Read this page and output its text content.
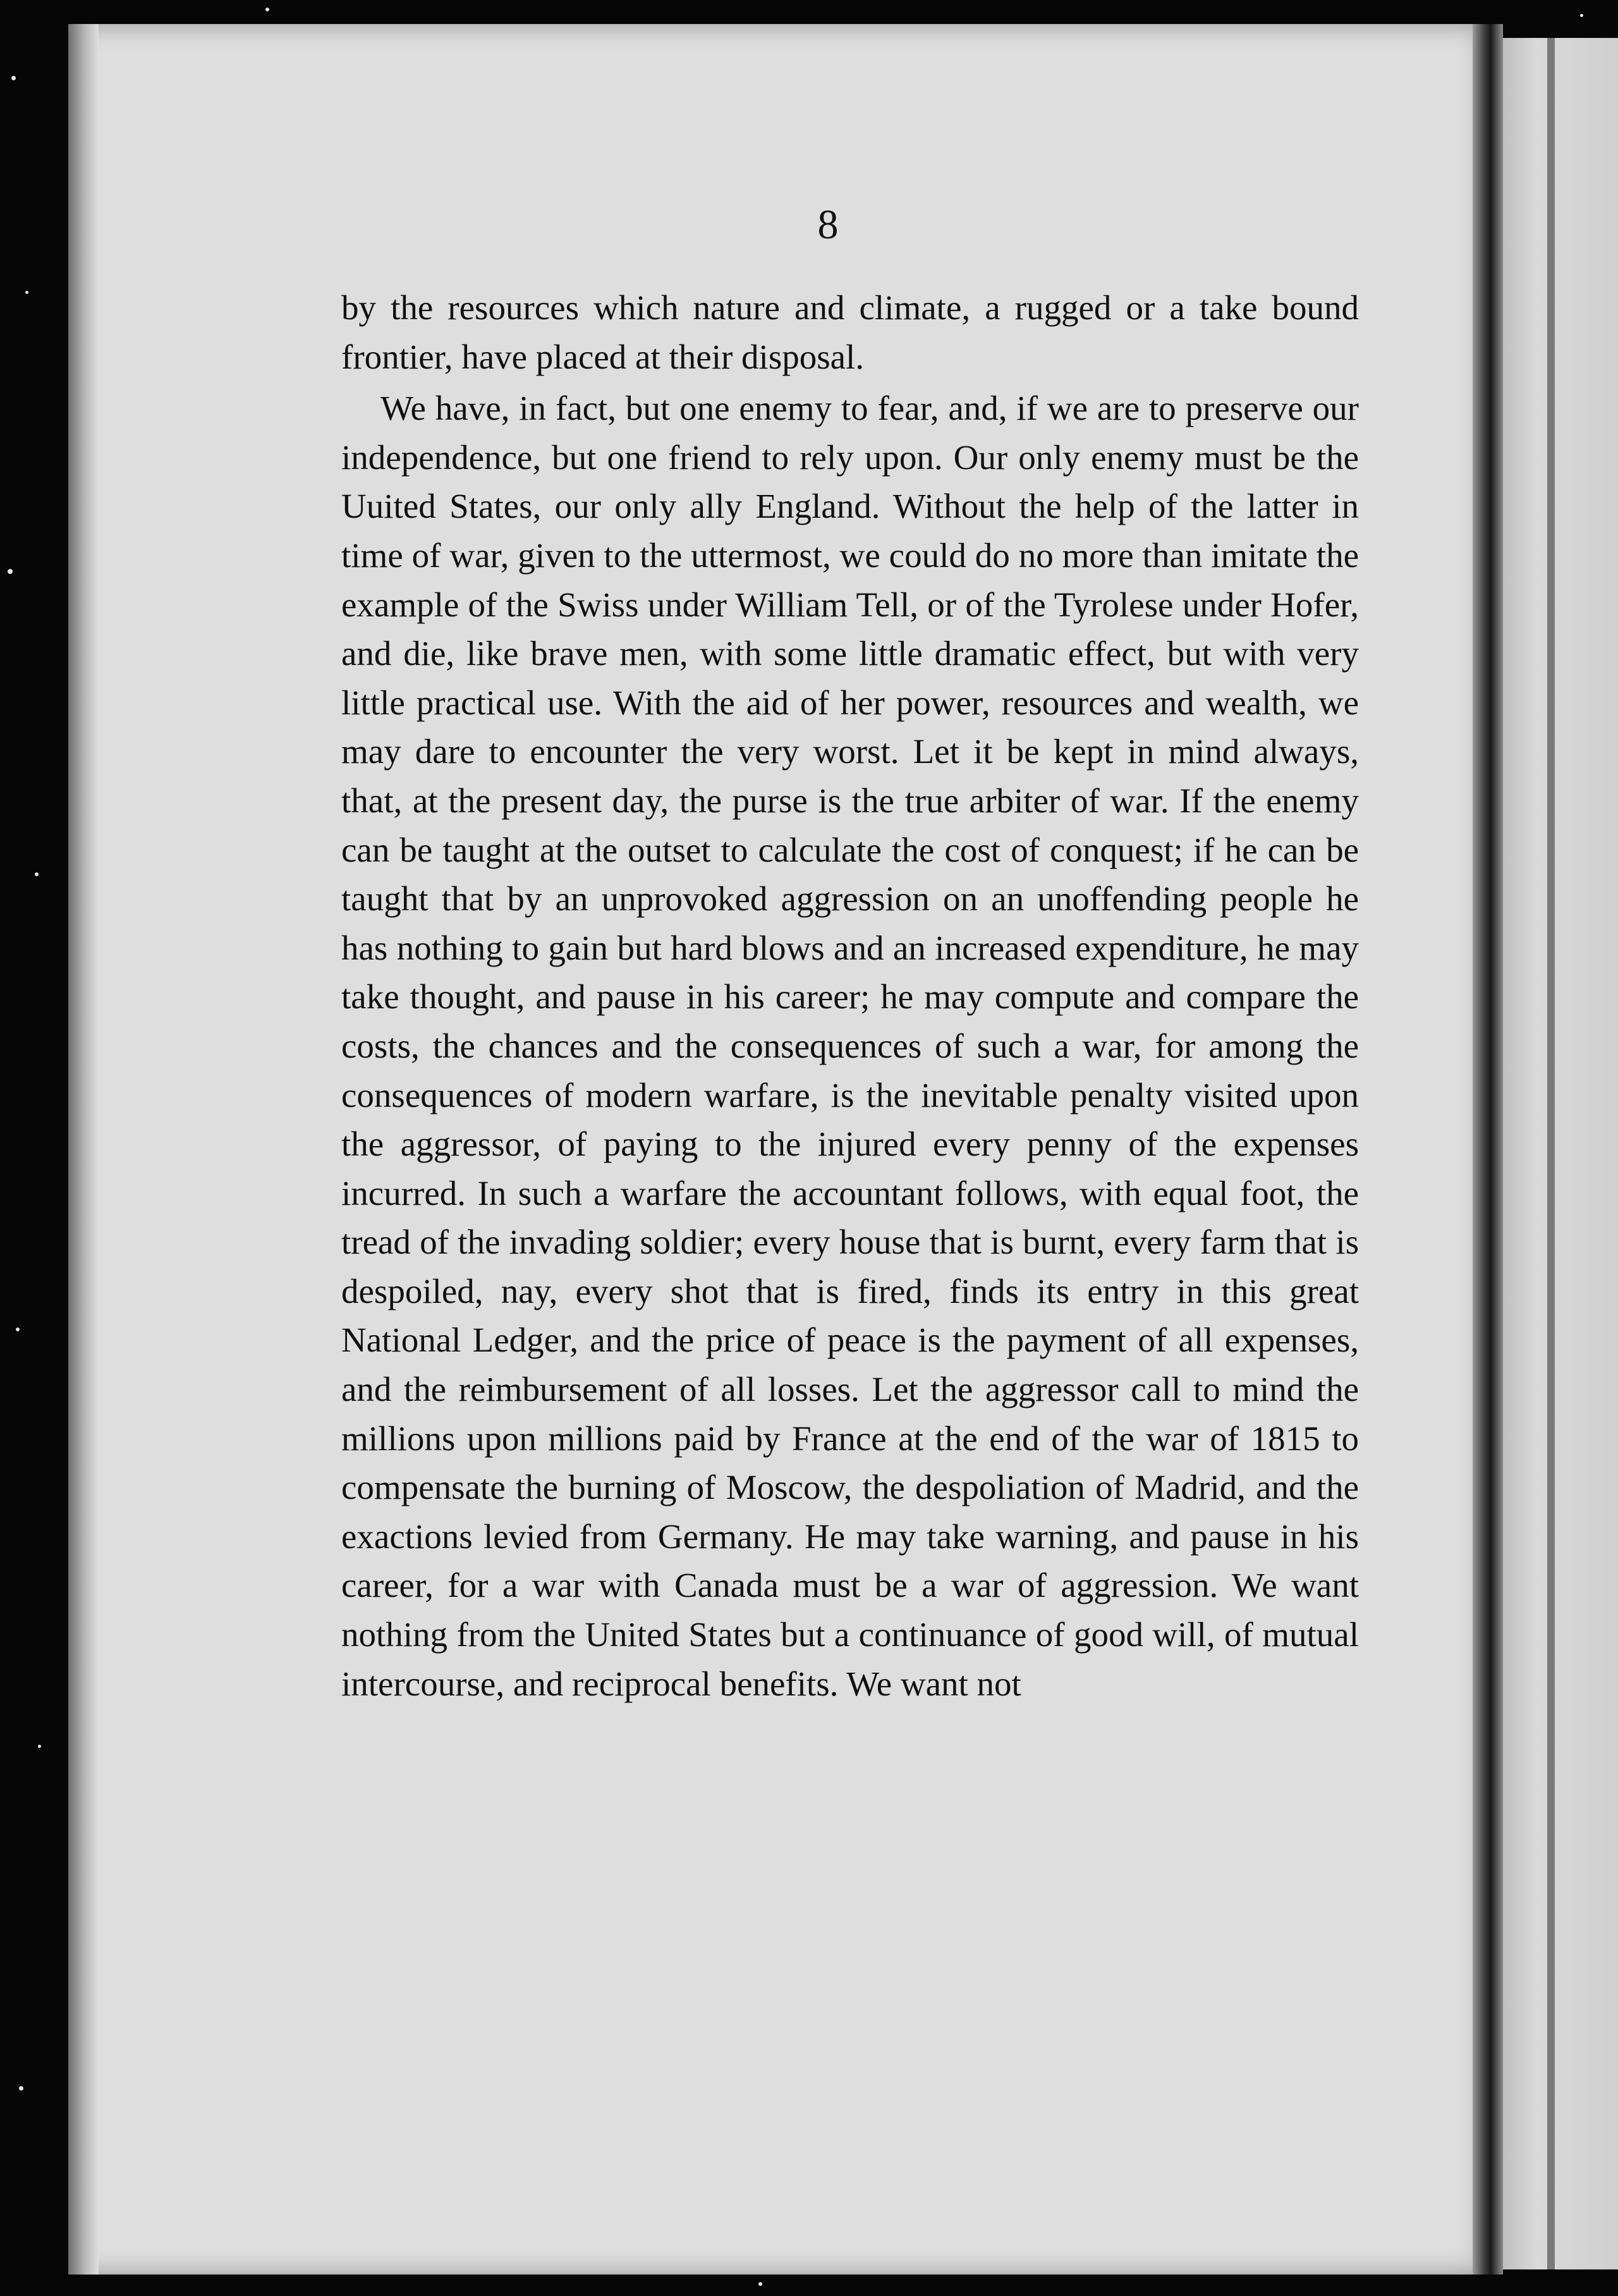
8

by the resources which nature and climate, a rugged or a take bound frontier, have placed at their disposal.

We have, in fact, but one enemy to fear, and, if we are to preserve our independence, but one friend to rely upon. Our only enemy must be the Uuited States, our only ally England. Without the help of the latter in time of war, given to the uttermost, we could do no more than imitate the example of the Swiss under William Tell, or of the Tyrolese under Hofer, and die, like brave men, with some little dramatic effect, but with very little practical use. With the aid of her power, resources and wealth, we may dare to encounter the very worst. Let it be kept in mind always, that, at the present day, the purse is the true arbiter of war. If the enemy can be taught at the outset to calculate the cost of conquest; if he can be taught that by an unprovoked aggression on an unoffending people he has nothing to gain but hard blows and an increased expenditure, he may take thought, and pause in his career; he may compute and compare the costs, the chances and the consequences of such a war, for among the consequences of modern warfare, is the inevitable penalty visited upon the aggressor, of paying to the injured every penny of the expenses incurred. In such a warfare the accountant follows, with equal foot, the tread of the invading soldier; every house that is burnt, every farm that is despoiled, nay, every shot that is fired, finds its entry in this great National Ledger, and the price of peace is the payment of all expenses, and the reimbursement of all losses. Let the aggressor call to mind the millions upon millions paid by France at the end of the war of 1815 to compensate the burning of Moscow, the despoliation of Madrid, and the exactions levied from Germany. He may take warning, and pause in his career, for a war with Canada must be a war of aggression. We want nothing from the United States but a continuance of good will, of mutual intercourse, and reciprocal benefits. We want not
